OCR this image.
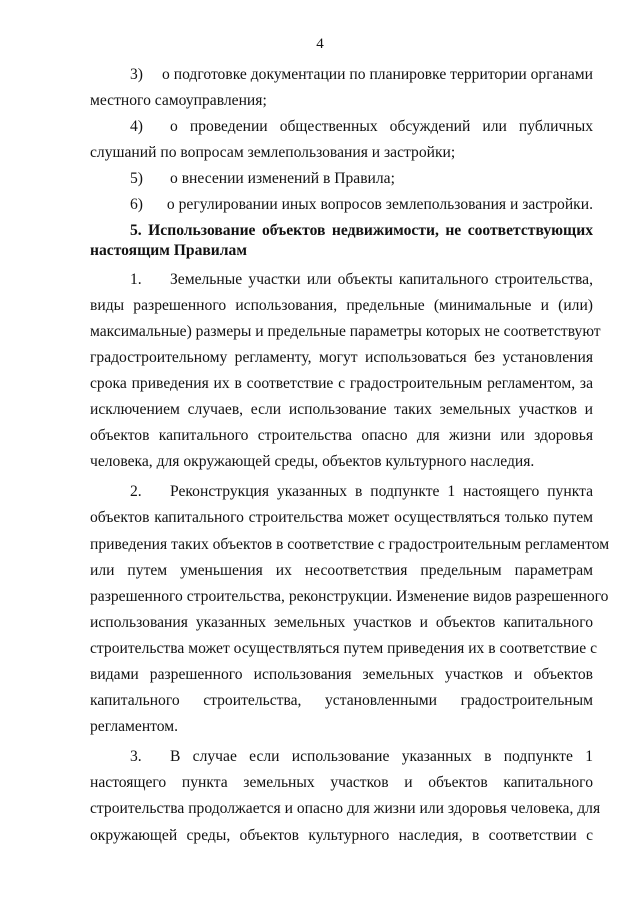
4
3)	о подготовке документации по планировке территории органами
местного самоуправления;
4)	о проведении общественных обсуждений или публичных
слушаний по вопросам землепользования и застройки;
5)	о внесении изменений в Правила;
6)	о регулировании иных вопросов землепользования и застройки.
5. Использование объектов недвижимости, не соответствующих
настоящим Правилам
1.	Земельные участки или объекты капитального строительства,
виды разрешенного использования, предельные (минимальные и (или)
максимальные) размеры и предельные параметры которых не соответствуют
градостроительному регламенту, могут использоваться без установления
срока приведения их в соответствие с градостроительным регламентом, за
исключением случаев, если использование таких земельных участков и
объектов капитального строительства опасно для жизни или здоровья
человека, для окружающей среды, объектов культурного наследия.
2.	Реконструкция указанных в подпункте 1 настоящего пункта
объектов капитального строительства может осуществляться только путем
приведения таких объектов в соответствие с градостроительным регламентом
или путем уменьшения их несоответствия предельным параметрам
разрешенного строительства, реконструкции. Изменение видов разрешенного
использования указанных земельных участков и объектов капитального
строительства может осуществляться путем приведения их в соответствие с
видами разрешенного использования земельных участков и объектов
капитального строительства, установленными градостроительным
регламентом.
3.	В случае если использование указанных в подпункте 1
настоящего пункта земельных участков и объектов капитального
строительства продолжается и опасно для жизни или здоровья человека, для
окружающей среды, объектов культурного наследия, в соответствии с
